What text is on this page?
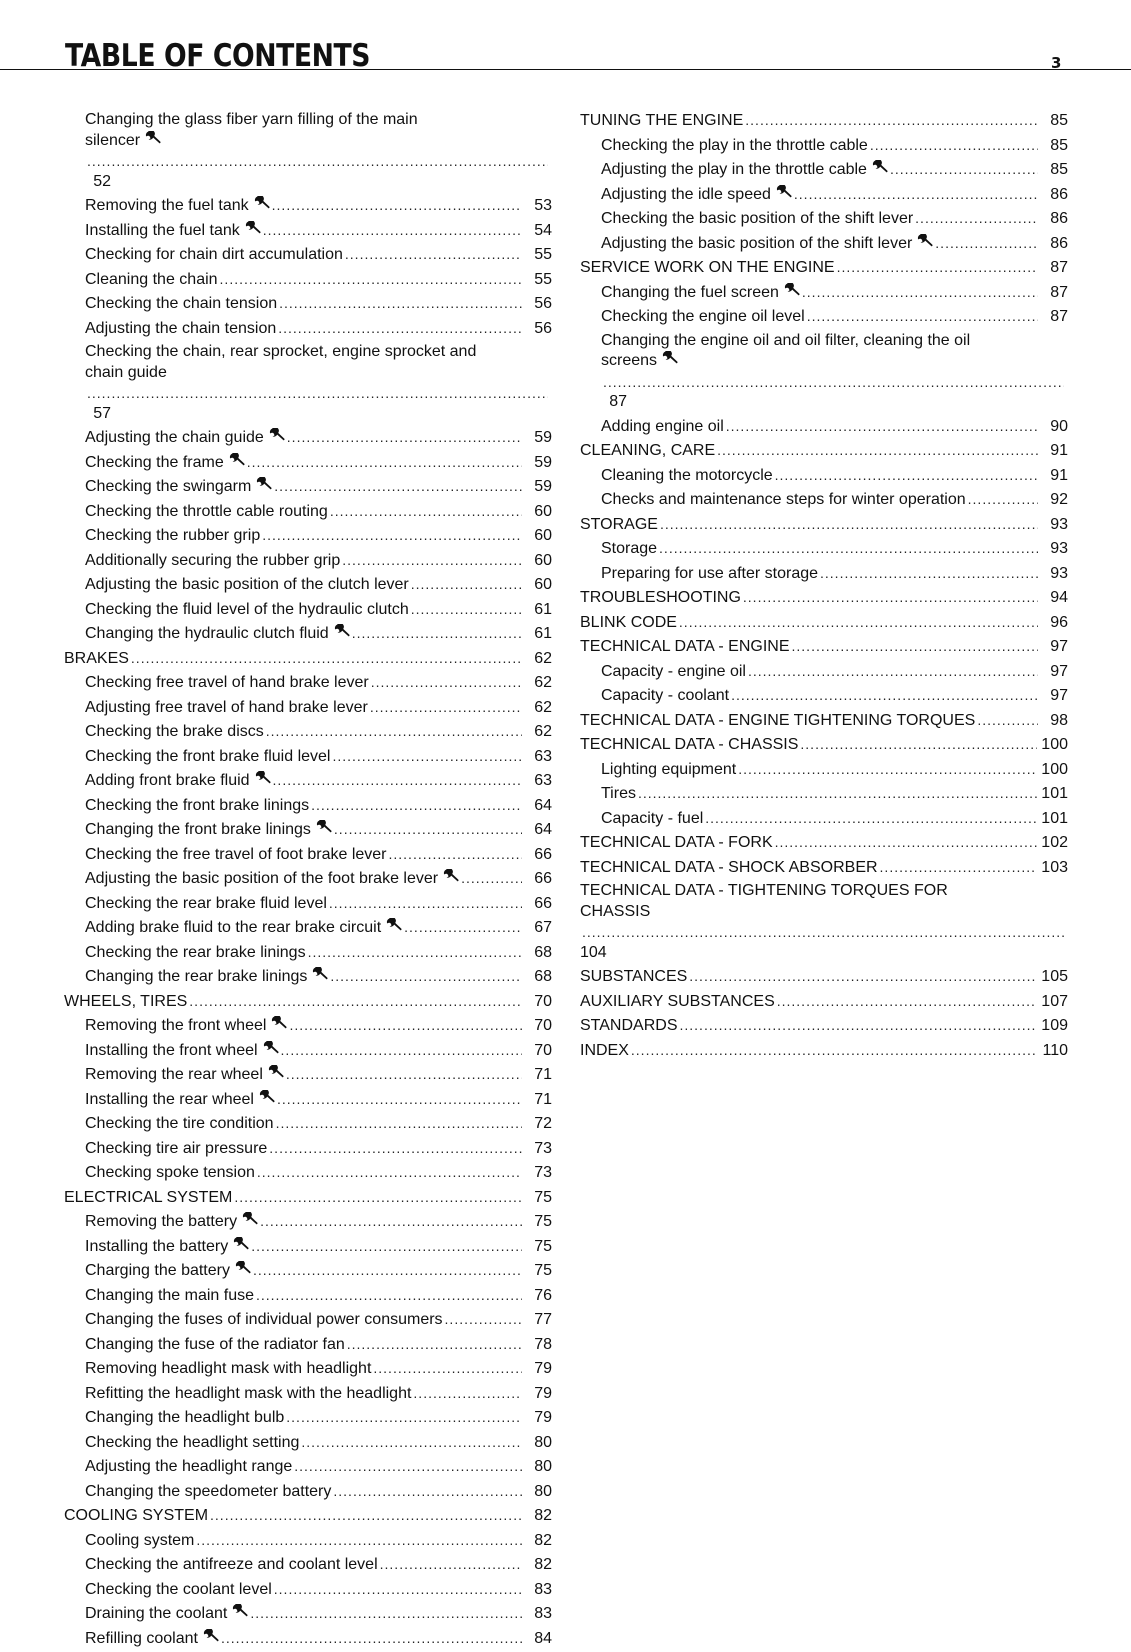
TABLE OF CONTENTS	3
Changing the glass fiber yarn filling of the main
silencer
.....
52
Removing the fuel tank .....	53
Installing the fuel tank .....	54
Checking for chain dirt accumulation .....	55
Cleaning the chain .....	55
Checking the chain tension .....	56
Adjusting the chain tension .....	56
Checking the chain, rear sprocket, engine sprocket and
chain guide
.....
57
Adjusting the chain guide .....	59
Checking the frame .....	59
Checking the swingarm .....	59
Checking the throttle cable routing .....	60
Checking the rubber grip .....	60
Additionally securing the rubber grip .....	60
Adjusting the basic position of the clutch lever .....	60
Checking the fluid level of the hydraulic clutch .....	61
Changing the hydraulic clutch fluid .....	61
BRAKES .....	62
Checking free travel of hand brake lever .....	62
Adjusting free travel of hand brake lever .....	62
Checking the brake discs .....	62
Checking the front brake fluid level .....	63
Adding front brake fluid .....	63
Checking the front brake linings .....	64
Changing the front brake linings .....	64
Checking the free travel of foot brake lever .....	66
Adjusting the basic position of the foot brake lever .....	66
Checking the rear brake fluid level .....	66
Adding brake fluid to the rear brake circuit .....	67
Checking the rear brake linings .....	68
Changing the rear brake linings .....	68
WHEELS, TIRES .....	70
Removing the front wheel .....	70
Installing the front wheel .....	70
Removing the rear wheel .....	71
Installing the rear wheel .....	71
Checking the tire condition .....	72
Checking tire air pressure .....	73
Checking spoke tension .....	73
ELECTRICAL SYSTEM .....	75
Removing the battery .....	75
Installing the battery .....	75
Charging the battery .....	75
Changing the main fuse .....	76
Changing the fuses of individual power consumers .....	77
Changing the fuse of the radiator fan .....	78
Removing headlight mask with headlight .....	79
Refitting the headlight mask with the headlight .....	79
Changing the headlight bulb .....	79
Checking the headlight setting .....	80
Adjusting the headlight range .....	80
Changing the speedometer battery .....	80
COOLING SYSTEM .....	82
Cooling system .....	82
Checking the antifreeze and coolant level .....	82
Checking the coolant level .....	83
Draining the coolant .....	83
Refilling coolant .....	84
TUNING THE ENGINE .....	85
Checking the play in the throttle cable .....	85
Adjusting the play in the throttle cable .....	85
Adjusting the idle speed .....	86
Checking the basic position of the shift lever .....	86
Adjusting the basic position of the shift lever .....	86
SERVICE WORK ON THE ENGINE .....	87
Changing the fuel screen .....	87
Checking the engine oil level .....	87
Changing the engine oil and oil filter, cleaning the oil
screens
.....
87
Adding engine oil .....	90
CLEANING, CARE .....	91
Cleaning the motorcycle .....	91
Checks and maintenance steps for winter operation .....	92
STORAGE .....	93
Storage .....	93
Preparing for use after storage .....	93
TROUBLESHOOTING .....	94
BLINK CODE .....	96
TECHNICAL DATA - ENGINE .....	97
Capacity - engine oil .....	97
Capacity - coolant .....	97
TECHNICAL DATA - ENGINE TIGHTENING TORQUES .....	98
TECHNICAL DATA - CHASSIS .....	100
Lighting equipment .....	100
Tires .....	101
Capacity - fuel .....	101
TECHNICAL DATA - FORK .....	102
TECHNICAL DATA - SHOCK ABSORBER .....	103
TECHNICAL DATA - TIGHTENING TORQUES FOR
CHASSIS
.....
104
SUBSTANCES .....	105
AUXILIARY SUBSTANCES .....	107
STANDARDS .....	109
INDEX .....	110
